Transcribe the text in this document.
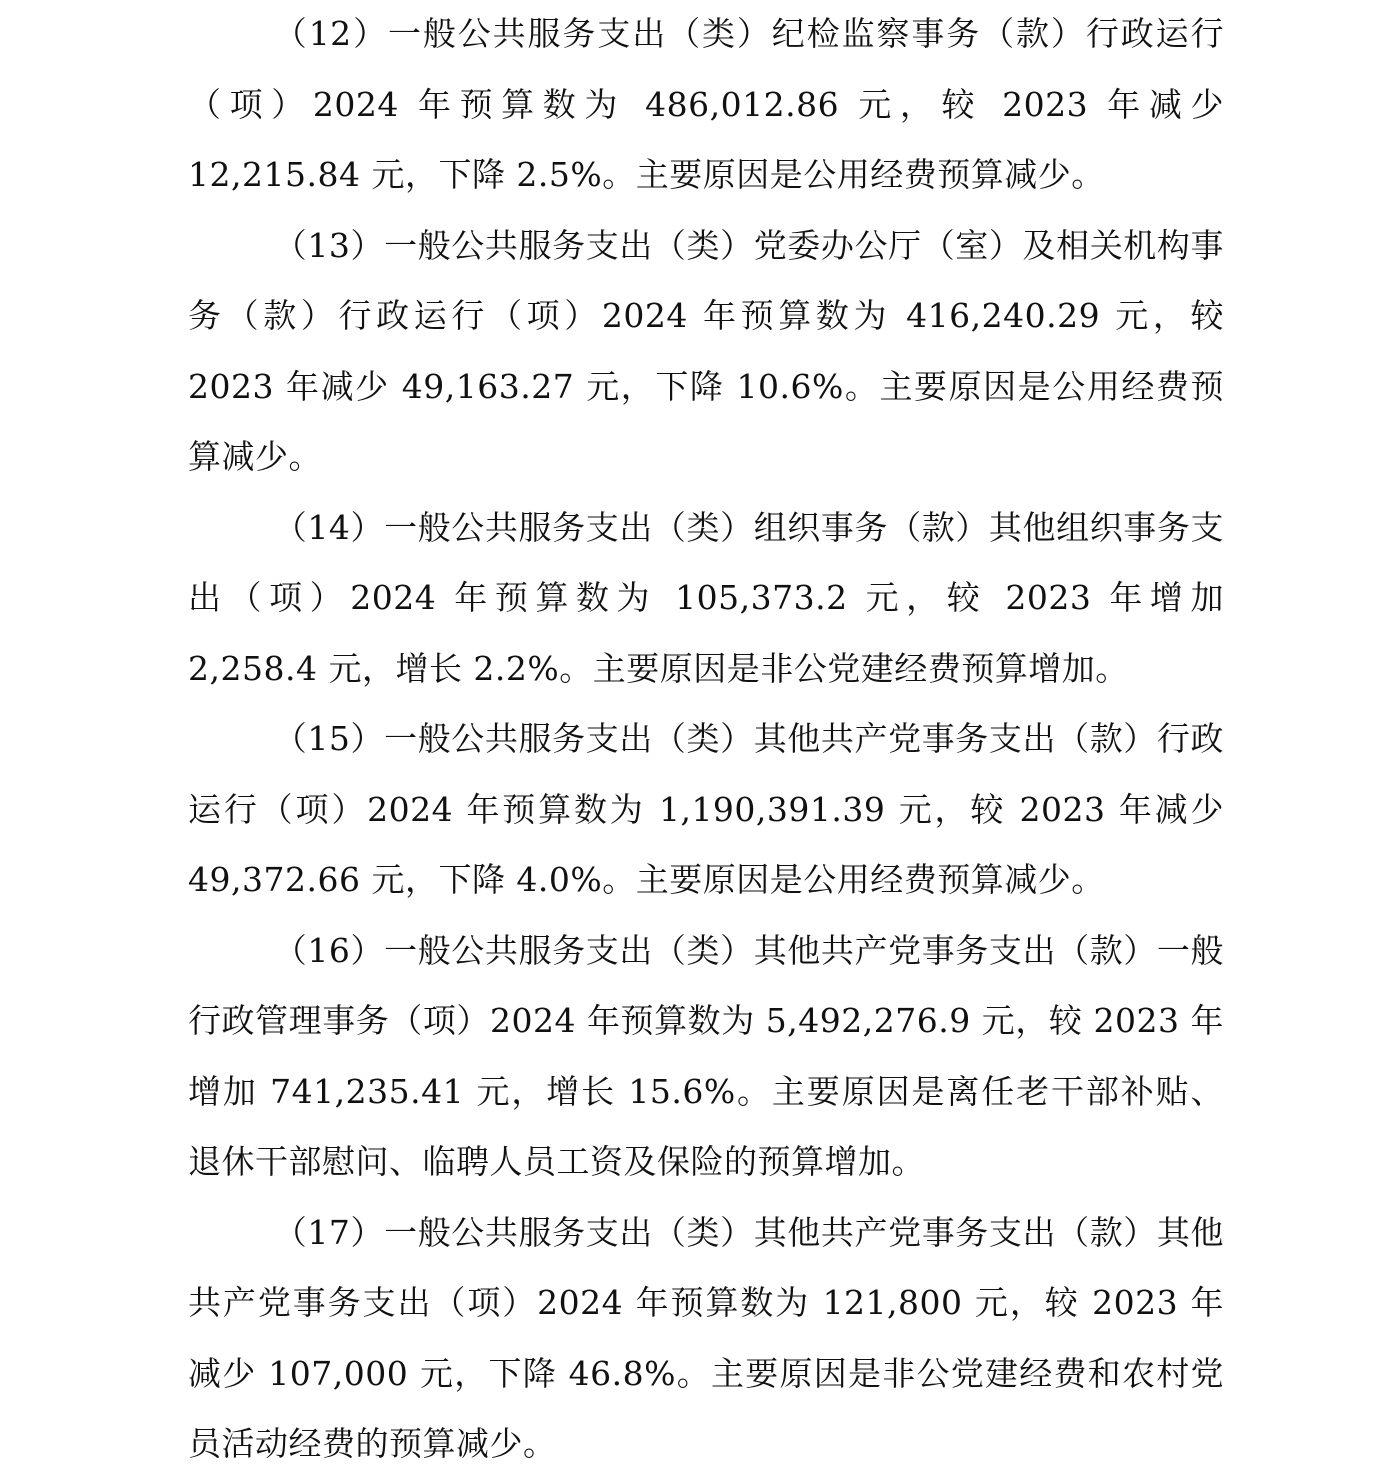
（12）一般公共服务支出（类）纪检监察事务（款）行政运行（项）2024 年预算数为 486,012.86 元，较 2023 年减少 12,215.84 元，下降 2.5%。主要原因是公用经费预算减少。

（13）一般公共服务支出（类）党委办公厅（室）及相关机构事务（款）行政运行（项）2024 年预算数为 416,240.29 元，较 2023 年减少 49,163.27 元，下降 10.6%。主要原因是公用经费预算减少。

（14）一般公共服务支出（类）组织事务（款）其他组织事务支出（项）2024 年预算数为 105,373.2 元，较 2023 年增加 2,258.4 元，增长 2.2%。主要原因是非公党建经费预算增加。

（15）一般公共服务支出（类）其他共产党事务支出（款）行政运行（项）2024 年预算数为 1,190,391.39 元，较 2023 年减少 49,372.66 元，下降 4.0%。主要原因是公用经费预算减少。

（16）一般公共服务支出（类）其他共产党事务支出（款）一般行政管理事务（项）2024 年预算数为 5,492,276.9 元，较 2023 年增加 741,235.41 元，增长 15.6%。主要原因是离任老干部补贴、退休干部慰问、临聘人员工资及保险的预算增加。

（17）一般公共服务支出（类）其他共产党事务支出（款）其他共产党事务支出（项）2024 年预算数为 121,800 元，较 2023 年减少 107,000 元，下降 46.8%。主要原因是非公党建经费和农村党员活动经费的预算减少。
